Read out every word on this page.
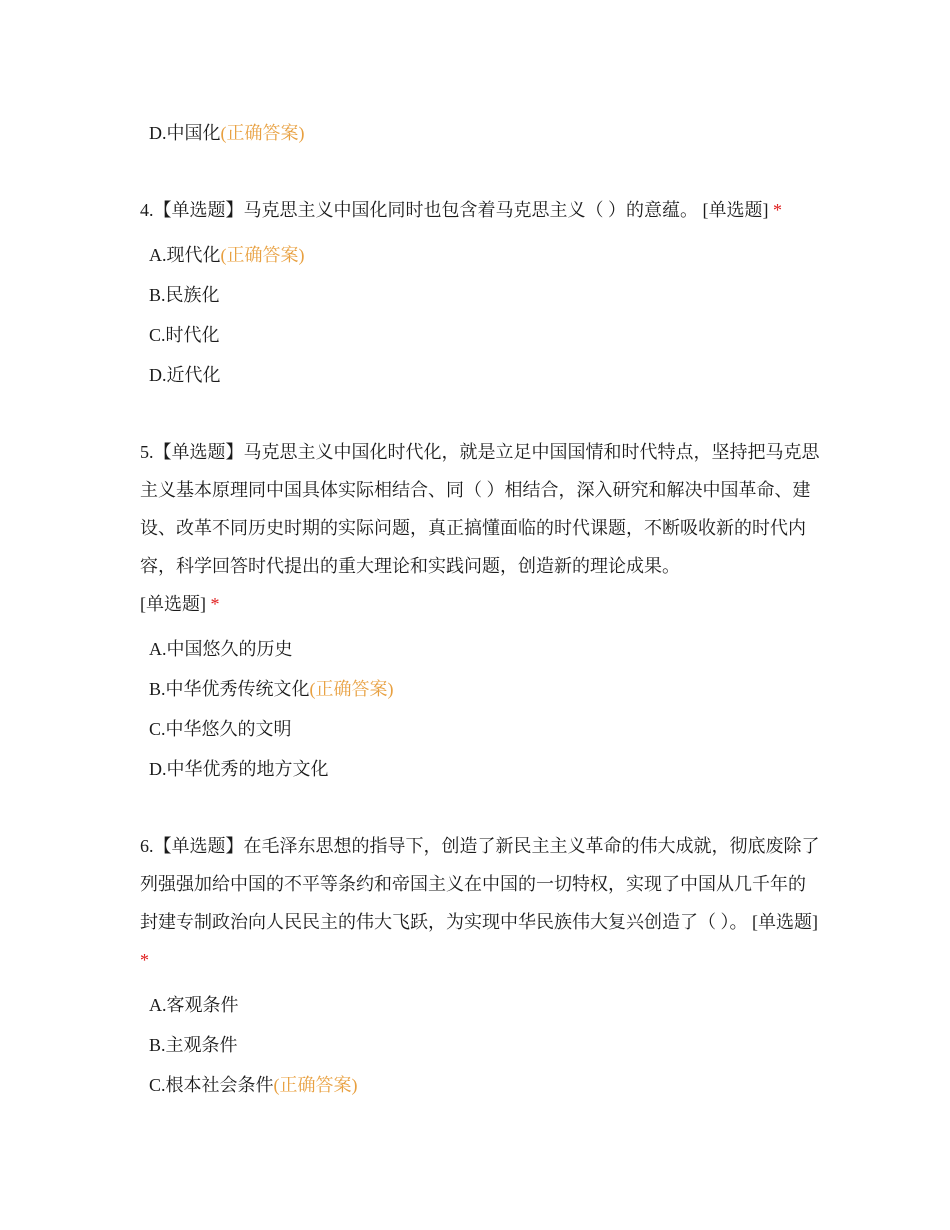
D.中国化(正确答案)

4.【单选题】马克思主义中国化同时也包含着马克思主义（ ）的意蕴。 [单选题] *

A.现代化(正确答案)
B.民族化
C.时代化
D.近代化

5.【单选题】马克思主义中国化时代化，就是立足中国国情和时代特点，坚持把马克思主义基本原理同中国具体实际相结合、同（ ）相结合，深入研究和解决中国革命、建设、改革不同历史时期的实际问题，真正搞懂面临的时代课题，不断吸收新的时代内容，科学回答时代提出的重大理论和实践问题，创造新的理论成果。
[单选题] *

A.中国悠久的历史
B.中华优秀传统文化(正确答案)
C.中华悠久的文明
D.中华优秀的地方文化

6.【单选题】在毛泽东思想的指导下，创造了新民主主义革命的伟大成就，彻底废除了列强强加给中国的不平等条约和帝国主义在中国的一切特权，实现了中国从几千年的封建专制政治向人民民主的伟大飞跃，为实现中华民族伟大复兴创造了（ ）。 [单选题] *

A.客观条件
B.主观条件
C.根本社会条件(正确答案)
